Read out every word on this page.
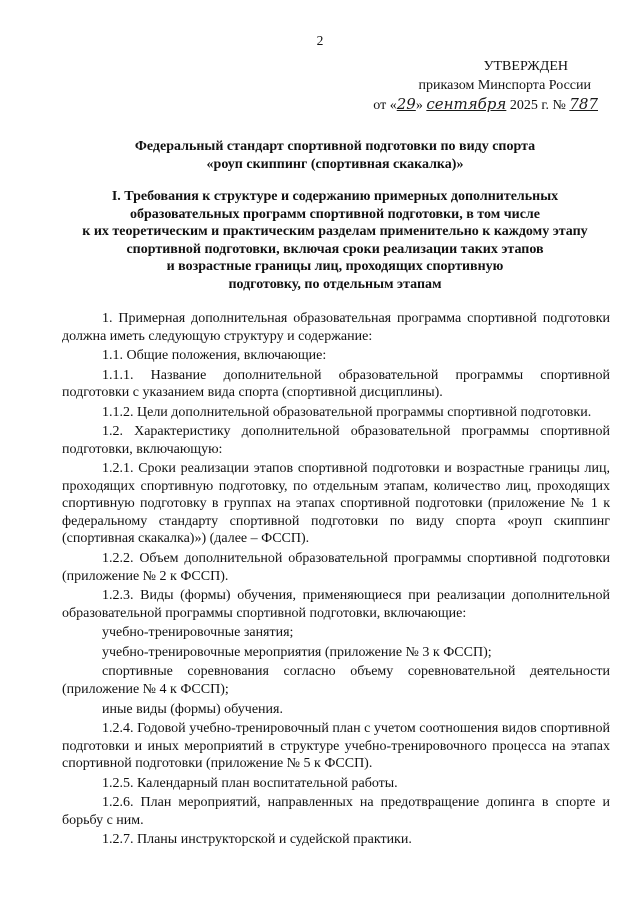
2
УТВЕРЖДЕН
приказом Минспорта России
от «29» сентября 2025 г. № 787
Федеральный стандарт спортивной подготовки по виду спорта
«роуп скиппинг (спортивная скакалка)»
I. Требования к структуре и содержанию примерных дополнительных
образовательных программ спортивной подготовки, в том числе
к их теоретическим и практическим разделам применительно к каждому этапу
спортивной подготовки, включая сроки реализации таких этапов
и возрастные границы лиц, проходящих спортивную
подготовку, по отдельным этапам

1. Примерная дополнительная образовательная программа спортивной подготовки должна иметь следующую структуру и содержание:

1.1. Общие положения, включающие:

1.1.1. Название дополнительной образовательной программы спортивной подготовки с указанием вида спорта (спортивной дисциплины).

1.1.2. Цели дополнительной образовательной программы спортивной подготовки.

1.2. Характеристику дополнительной образовательной программы спортивной подготовки, включающую:

1.2.1. Сроки реализации этапов спортивной подготовки и возрастные границы лиц, проходящих спортивную подготовку, по отдельным этапам, количество лиц, проходящих спортивную подготовку в группах на этапах спортивной подготовки (приложение № 1 к федеральному стандарту спортивной подготовки по виду спорта «роуп скиппинг (спортивная скакалка)») (далее – ФССП).

1.2.2. Объем дополнительной образовательной программы спортивной подготовки (приложение № 2 к ФССП).

1.2.3. Виды (формы) обучения, применяющиеся при реализации дополнительной образовательной программы спортивной подготовки, включающие:

учебно-тренировочные занятия;

учебно-тренировочные мероприятия (приложение № 3 к ФССП);

спортивные соревнования согласно объему соревновательной деятельности (приложение № 4 к ФССП);

иные виды (формы) обучения.

1.2.4. Годовой учебно-тренировочный план с учетом соотношения видов спортивной подготовки и иных мероприятий в структуре учебно-тренировочного процесса на этапах спортивной подготовки (приложение № 5 к ФССП).

1.2.5. Календарный план воспитательной работы.

1.2.6. План мероприятий, направленных на предотвращение допинга в спорте и борьбу с ним.

1.2.7. Планы инструкторской и судейской практики.
